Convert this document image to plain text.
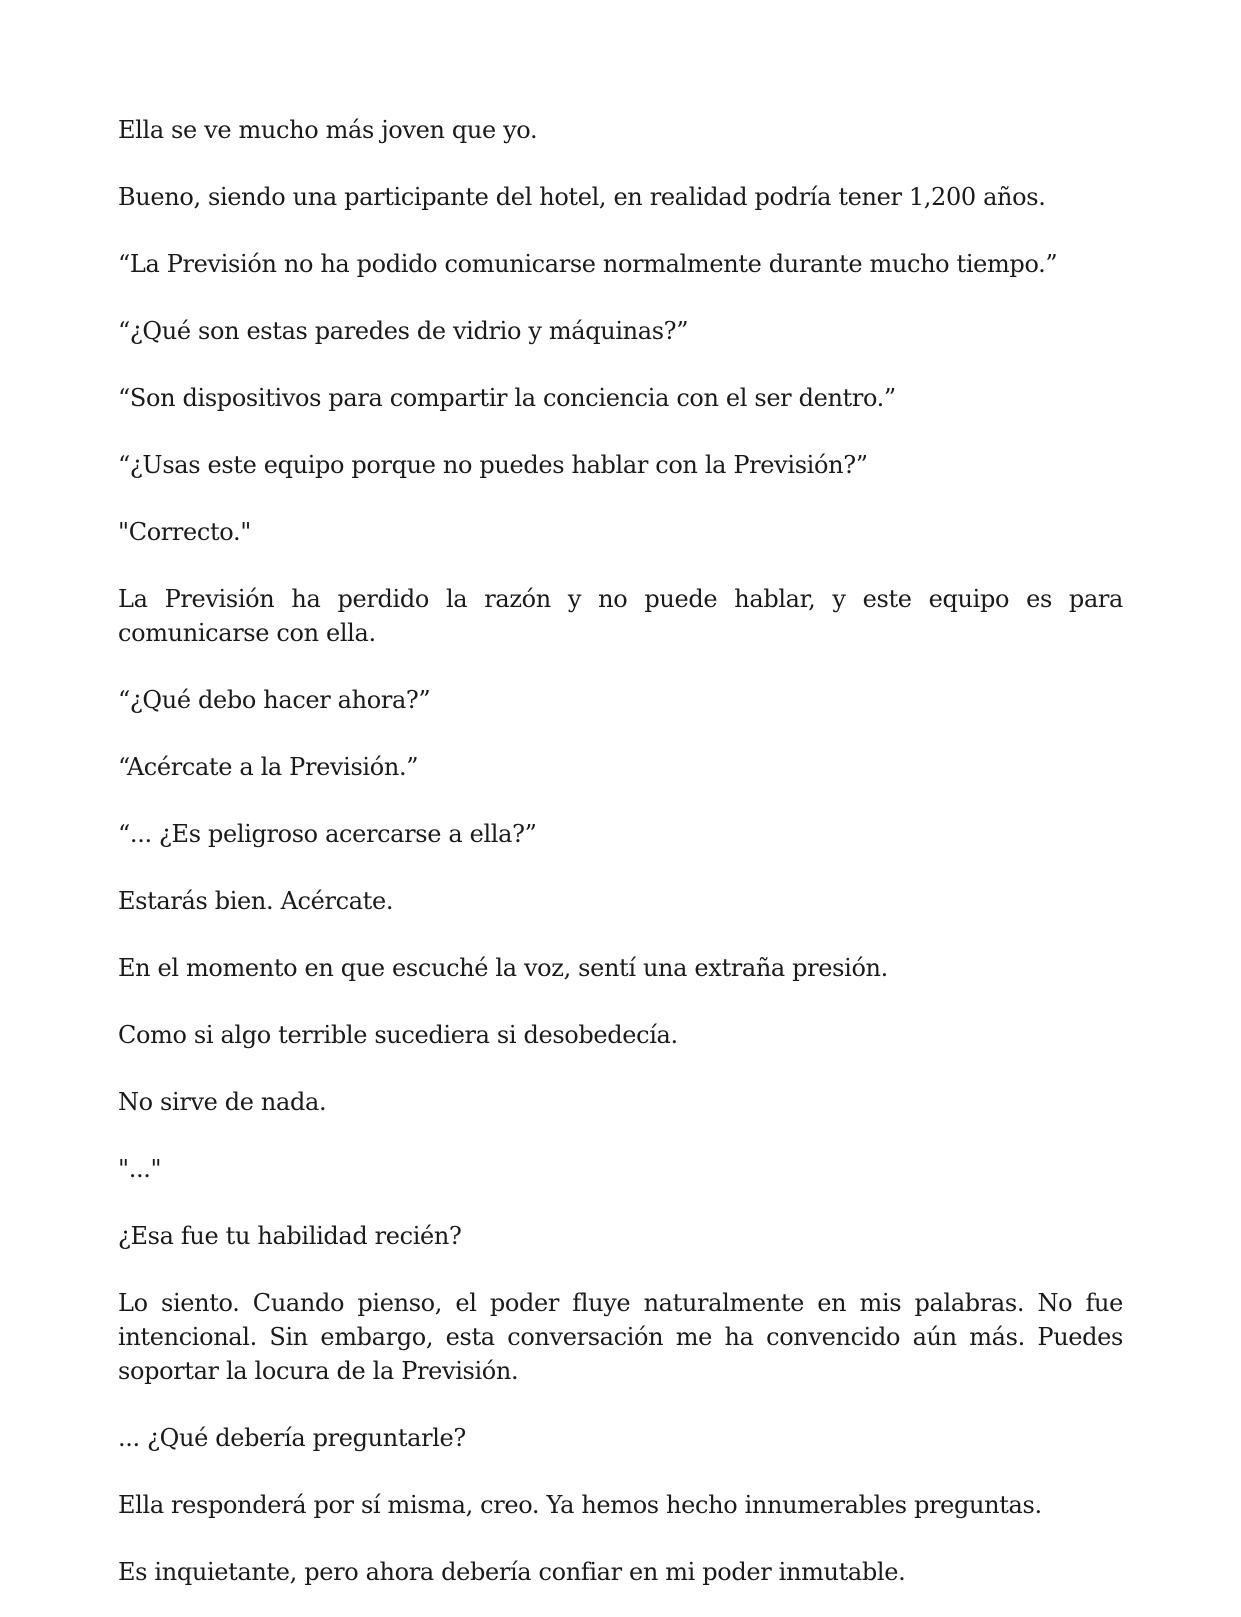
Ella se ve mucho más joven que yo.

Bueno, siendo una participante del hotel, en realidad podría tener 1,200 años.

“La Previsión no ha podido comunicarse normalmente durante mucho tiempo.”

“¿Qué son estas paredes de vidrio y máquinas?”

“Son dispositivos para compartir la conciencia con el ser dentro.”

“¿Usas este equipo porque no puedes hablar con la Previsión?”

"Correcto."

La Previsión ha perdido la razón y no puede hablar, y este equipo es para comunicarse con ella.

“¿Qué debo hacer ahora?”

“Acércate a la Previsión.”

“... ¿Es peligroso acercarse a ella?”

Estarás bien. Acércate.

En el momento en que escuché la voz, sentí una extraña presión.

Como si algo terrible sucediera si desobedecía.

No sirve de nada.

"..."

¿Esa fue tu habilidad recién?

Lo siento. Cuando pienso, el poder fluye naturalmente en mis palabras. No fue intencional. Sin embargo, esta conversación me ha convencido aún más. Puedes soportar la locura de la Previsión.

... ¿Qué debería preguntarle?

Ella responderá por sí misma, creo. Ya hemos hecho innumerables preguntas.

Es inquietante, pero ahora debería confiar en mi poder inmutable.
